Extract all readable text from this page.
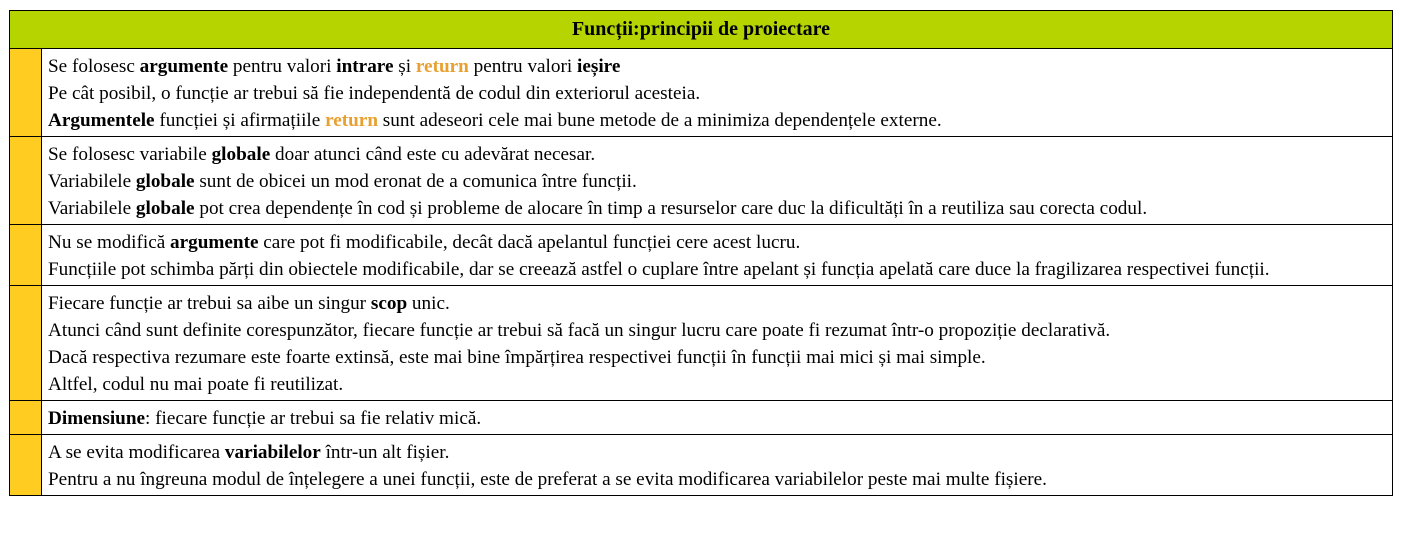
Funcții:principii de proiectare
Se folosesc argumente pentru valori intrare și return pentru valori ieșire
Pe cât posibil, o funcție ar trebui să fie independentă de codul din exteriorul acesteia.
Argumentele funcției și afirmațiile return sunt adeseori cele mai bune metode de a minimiza dependențele externe.
Se folosesc variabile globale doar atunci când este cu adevărat necesar.
Variabilele globale sunt de obicei un mod eronat de a comunica între funcții.
Variabilele globale pot crea dependențe în cod și probleme de alocare în timp a resurselor care duc la dificultăți în a reutiliza sau corecta codul.
Nu se modifică argumente care pot fi modificabile, decât dacă apelantul funcției cere acest lucru.
Funcțiile pot schimba părți din obiectele modificabile, dar se creează astfel o cuplare între apelant și funcția apelată care duce la fragilizarea respectivei funcții.
Fiecare funcție ar trebui sa aibe un singur scop unic.
Atunci când sunt definite corespunzător, fiecare funcție ar trebui să facă un singur lucru care poate fi rezumat într-o propoziție declarativă.
Dacă respectiva rezumare este foarte extinsă, este mai bine împărțirea respectivei funcții în funcții mai mici și mai simple.
Altfel, codul nu mai poate fi reutilizat.
Dimensiune: fiecare funcție ar trebui sa fie relativ mică.
A se evita modificarea variabilelor într-un alt fișier.
Pentru a nu îngreuna modul de înțelegere a unei funcții, este de preferat a se evita modificarea variabilelor peste mai multe fișiere.
